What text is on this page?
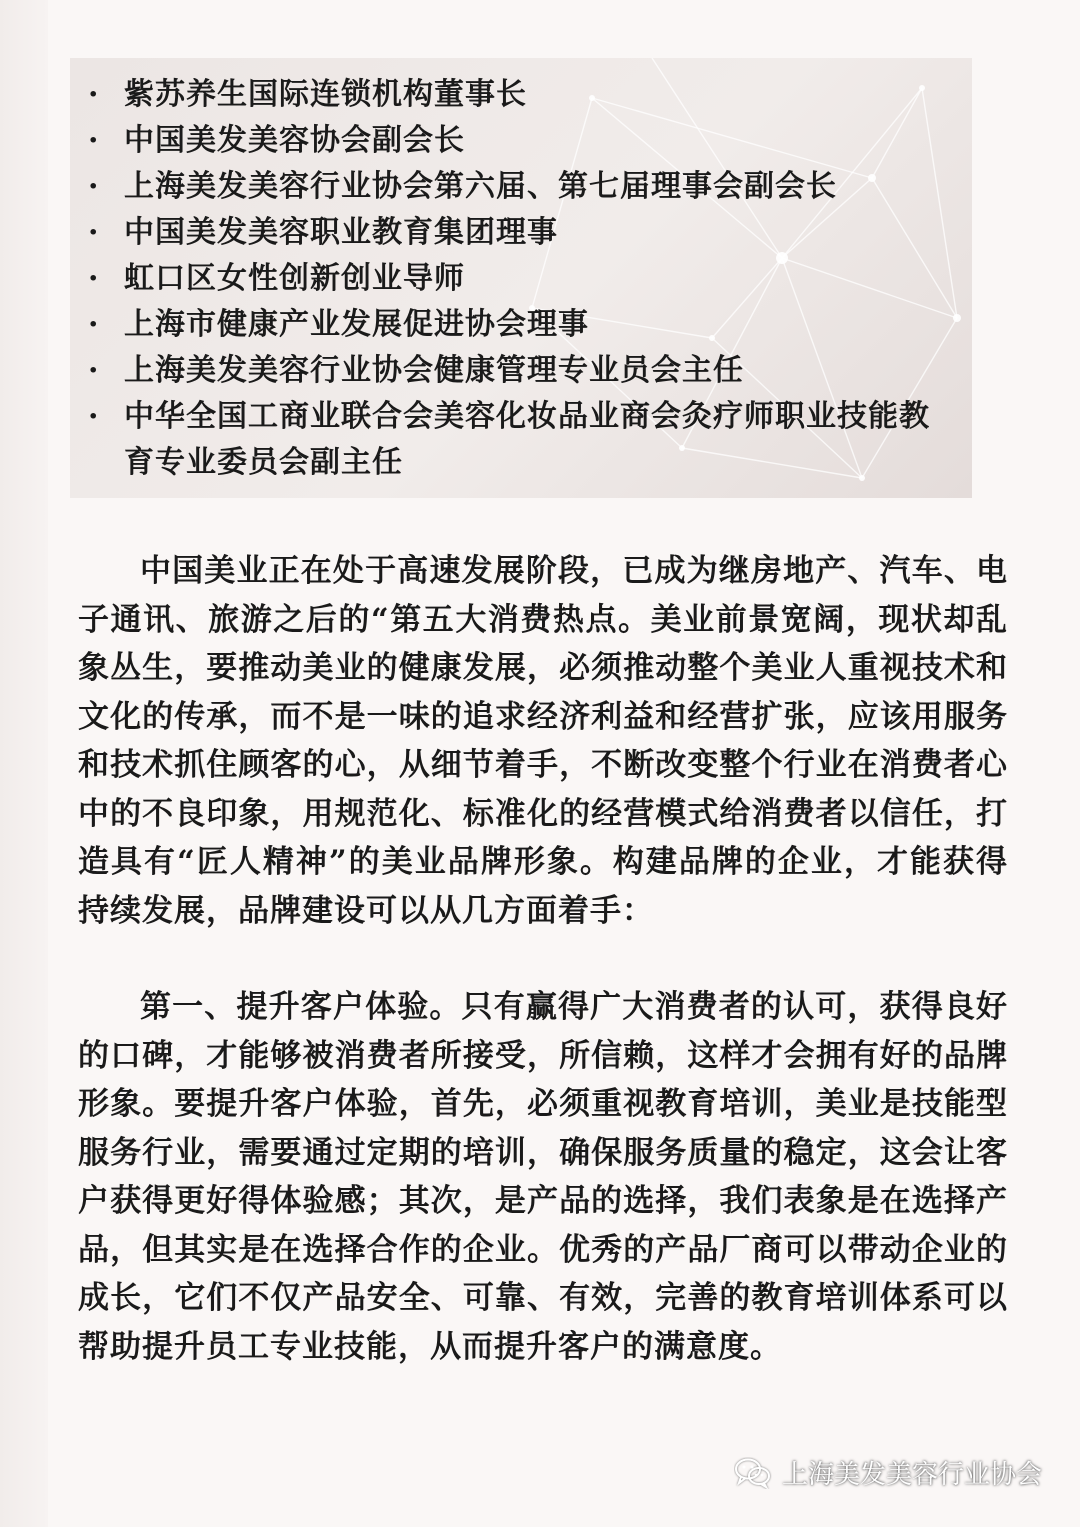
· 紫苏养生国际连锁机构董事长
· 中国美发美容协会副会长
· 上海美发美容行业协会第六届、第七届理事会副会长
· 中国美发美容职业教育集团理事
· 虹口区女性创新创业导师
· 上海市健康产业发展促进协会理事
· 上海美发美容行业协会健康管理专业员会主任
· 中华全国工商业联合会美容化妆品业商会灸疗师职业技能教育专业委员会副主任

中国美业正在处于高速发展阶段，已成为继房地产、汽车、电子通讯、旅游之后的“第五大消费热点。美业前景宽阔，现状却乱象丛生，要推动美业的健康发展，必须推动整个美业人重视技术和文化的传承，而不是一味的追求经济利益和经营扩张，应该用服务和技术抓住顾客的心，从细节着手，不断改变整个行业在消费者心中的不良印象，用规范化、标准化的经营模式给消费者以信任，打造具有“匠人精神”的美业品牌形象。构建品牌的企业，才能获得持续发展，品牌建设可以从几方面着手：

第一、提升客户体验。只有赢得广大消费者的认可，获得良好的口碑，才能够被消费者所接受，所信赖，这样才会拥有好的品牌形象。要提升客户体验，首先，必须重视教育培训，美业是技能型服务行业，需要通过定期的培训，确保服务质量的稳定，这会让客户获得更好得体验感；其次，是产品的选择，我们表象是在选择产品，但其实是在选择合作的企业。优秀的产品厂商可以带动企业的成长，它们不仅产品安全、可靠、有效，完善的教育培训体系可以帮助提升员工专业技能，从而提升客户的满意度。

上海美发美容行业协会
